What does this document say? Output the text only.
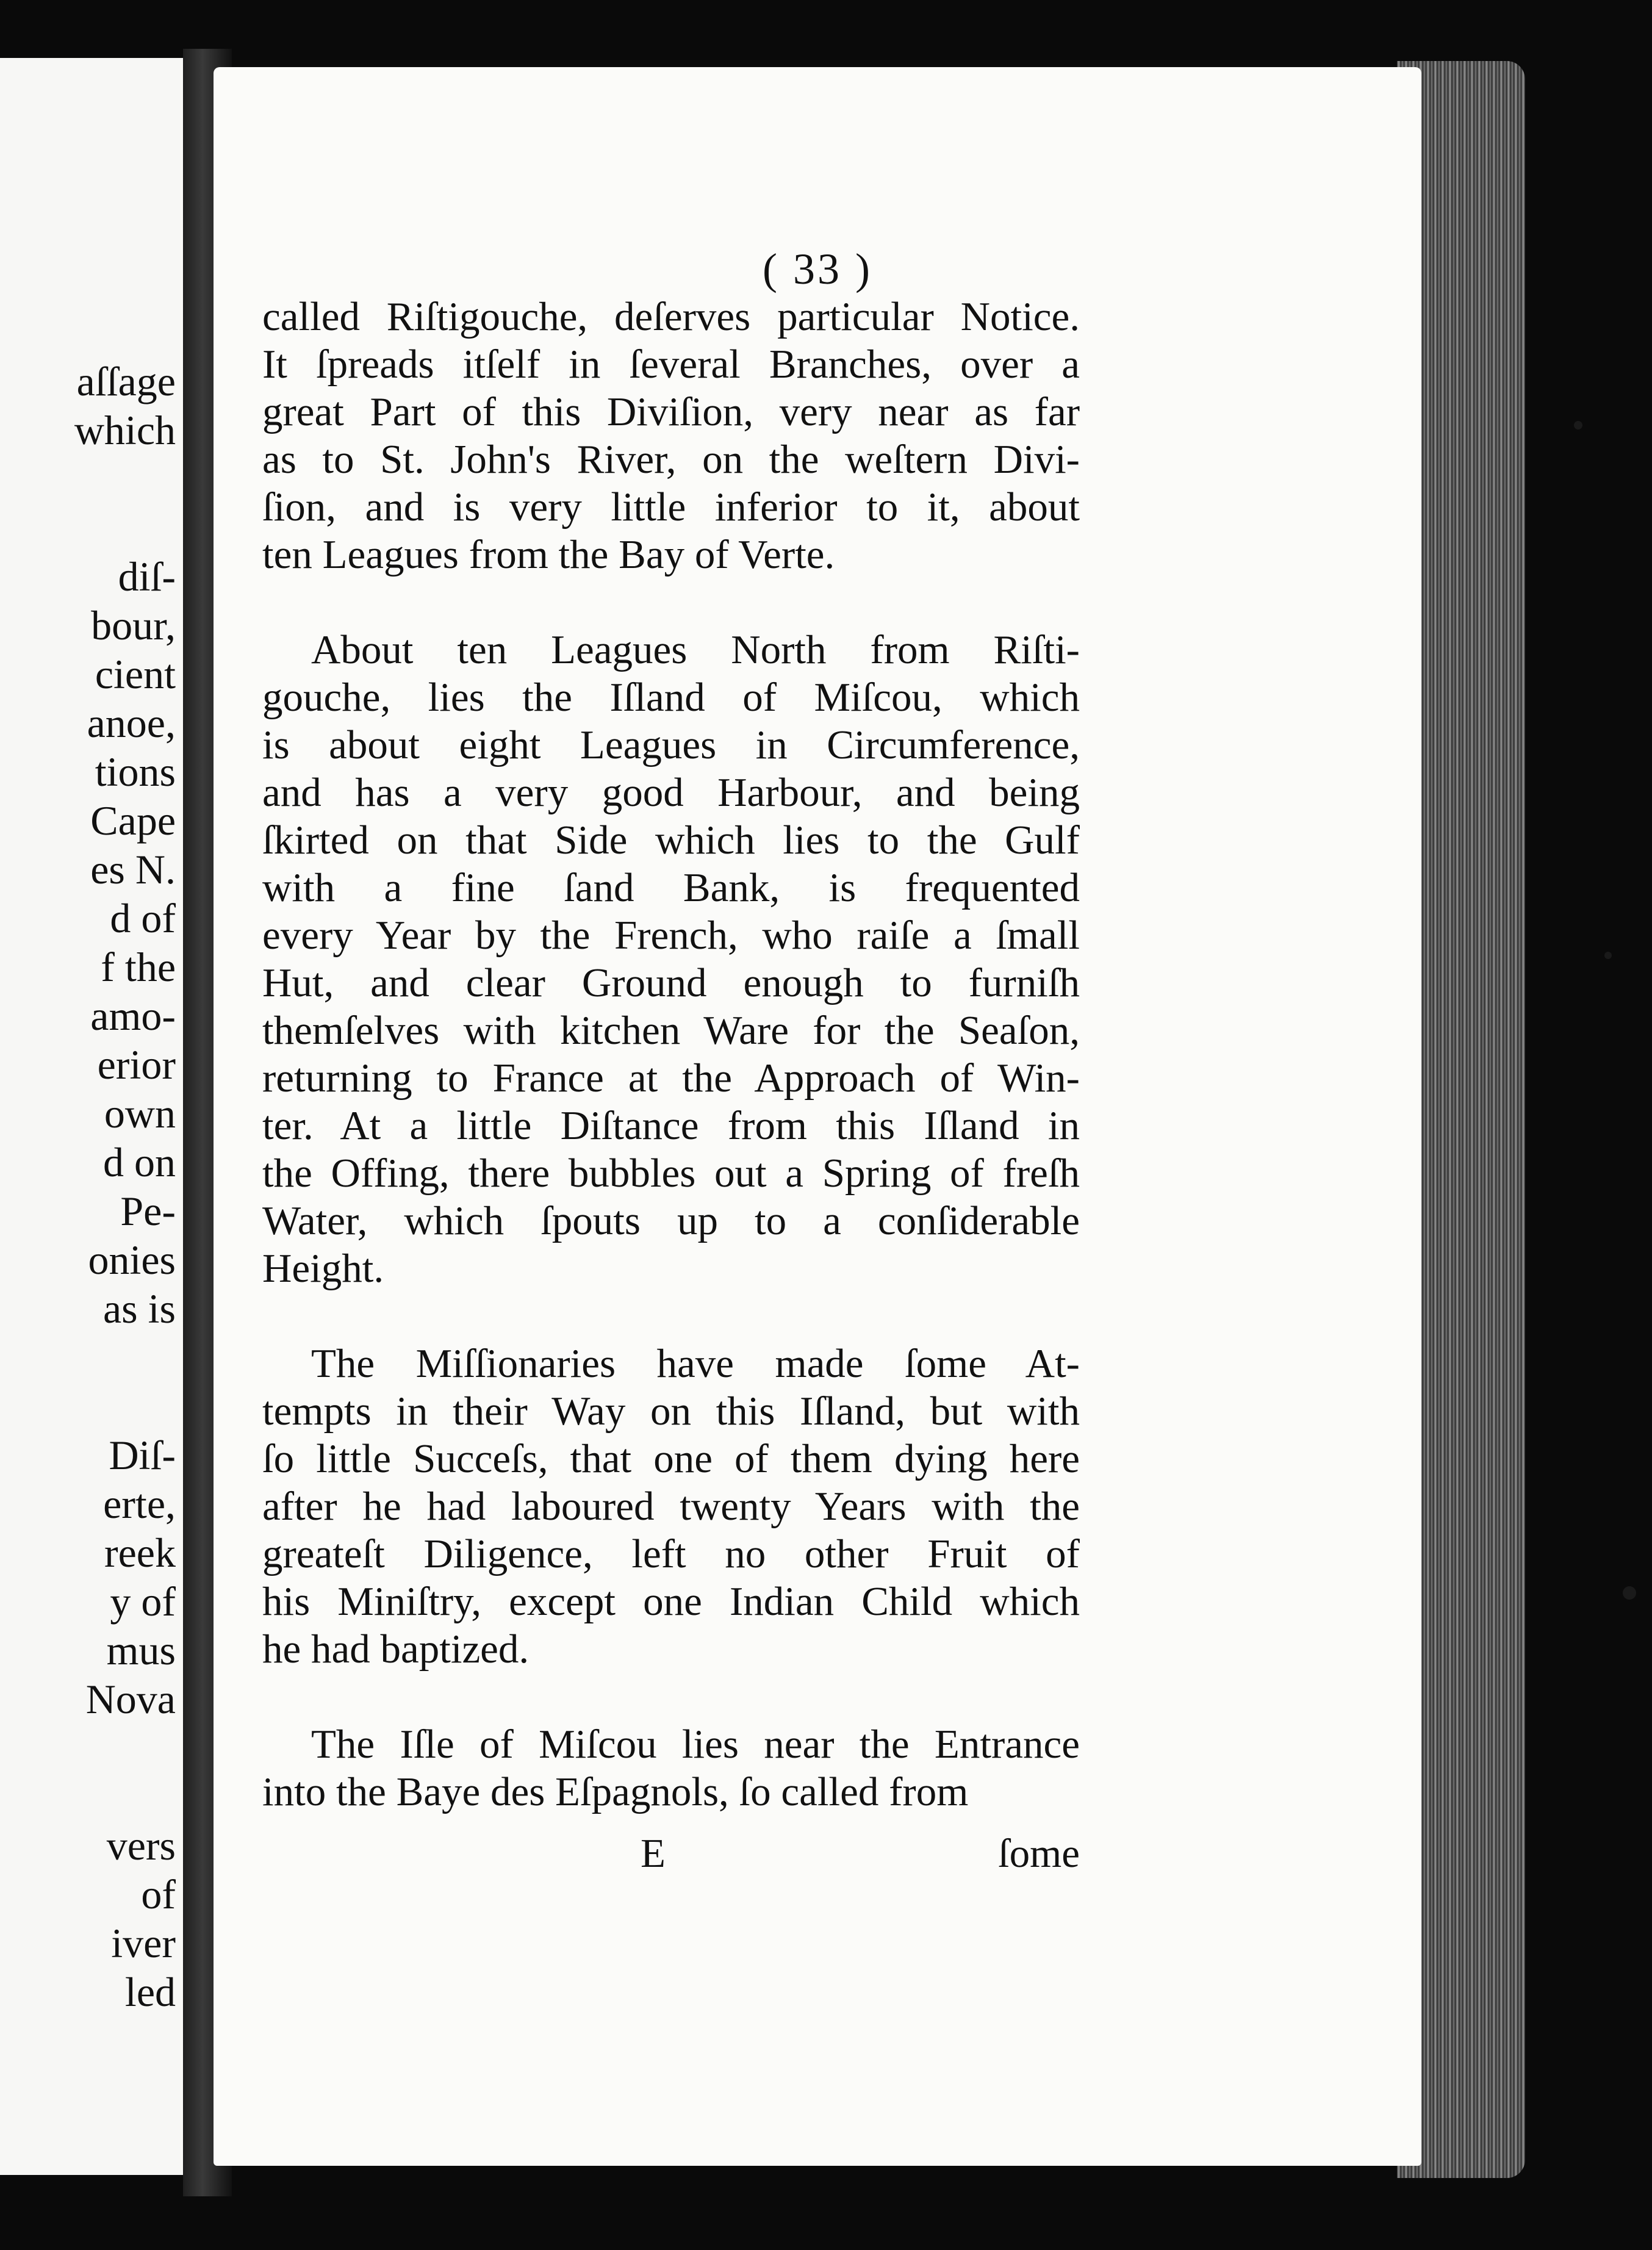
aſſage
which

diſ-
bour,
cient
anoe,
tions
Cape
es N.
d of
f the
amo-
erior
own
d on
Pe-
onies
as is

Diſ-
erte,
reek
y of
mus
Nova

vers
of
iver
led
( 33 )
called Riſtigouche, deſerves particular Notice.
It ſpreads itſelf in ſeveral Branches, over a
great Part of this Diviſion, very near as far
as to St. John's River, on the weſtern Divi-
ſion, and is very little inferior to it, about
ten Leagues from the Bay of Verte.
About ten Leagues North from Riſti-
gouche, lies the Iſland of Miſcou, which
is about eight Leagues in Circumference,
and has a very good Harbour, and being
ſkirted on that Side which lies to the Gulf
with a fine ſand Bank, is frequented
every Year by the French, who raiſe a ſmall
Hut, and clear Ground enough to furniſh
themſelves with kitchen Ware for the Seaſon,
returning to France at the Approach of Win-
ter. At a little Diſtance from this Iſland in
the Offing, there bubbles out a Spring of freſh
Water, which ſpouts up to a conſiderable
Height.
The Miſſionaries have made ſome At-
tempts in their Way on this Iſland, but with
ſo little Succeſs, that one of them dying here
after he had laboured twenty Years with the
greateſt Diligence, left no other Fruit of
his Miniſtry, except one Indian Child which
he had baptized.
The Iſle of Miſcou lies near the Entrance
into the Baye des Eſpagnols, ſo called from
E	ſome
